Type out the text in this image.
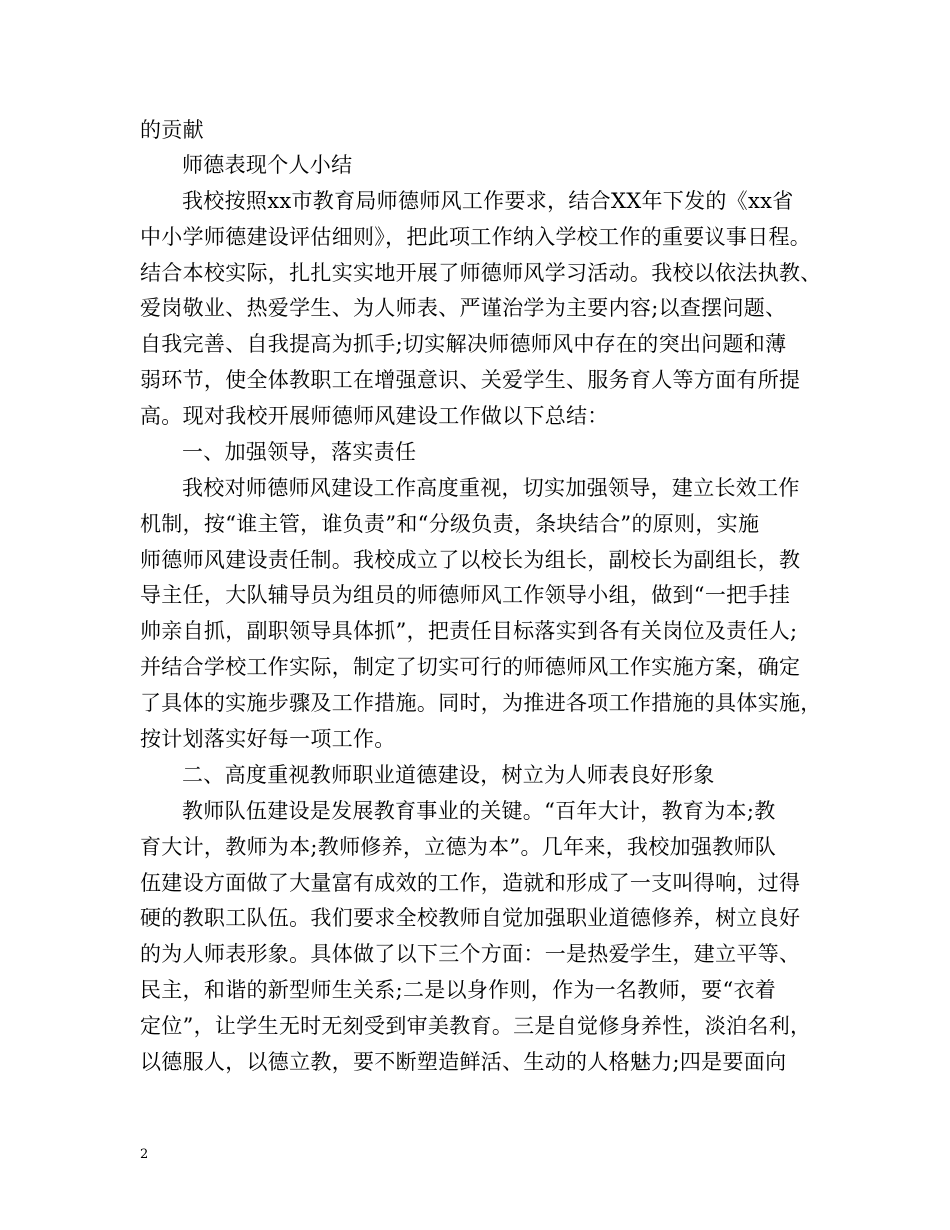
的贡献
师德表现个人小结
我校按照xx市教育局师德师风工作要求，结合XX年下发的《xx省
中小学师德建设评估细则》，把此项工作纳入学校工作的重要议事日程。
结合本校实际，扎扎实实地开展了师德师风学习活动。我校以依法执教、
爱岗敬业、热爱学生、为人师表、严谨治学为主要内容;以查摆问题、
自我完善、自我提高为抓手;切实解决师德师风中存在的突出问题和薄
弱环节，使全体教职工在增强意识、关爱学生、服务育人等方面有所提
高。现对我校开展师德师风建设工作做以下总结：
一、加强领导，落实责任
我校对师德师风建设工作高度重视，切实加强领导，建立长效工作
机制，按“谁主管，谁负责”和“分级负责，条块结合”的原则，实施
师德师风建设责任制。我校成立了以校长为组长，副校长为副组长，教
导主任，大队辅导员为组员的师德师风工作领导小组，做到“一把手挂
帅亲自抓，副职领导具体抓”，把责任目标落实到各有关岗位及责任人;
并结合学校工作实际，制定了切实可行的师德师风工作实施方案，确定
了具体的实施步骤及工作措施。同时，为推进各项工作措施的具体实施，
按计划落实好每一项工作。
二、高度重视教师职业道德建设，树立为人师表良好形象
教师队伍建设是发展教育事业的关键。“百年大计，教育为本;教
育大计，教师为本;教师修养，立德为本”。几年来，我校加强教师队
伍建设方面做了大量富有成效的工作，造就和形成了一支叫得响，过得
硬的教职工队伍。我们要求全校教师自觉加强职业道德修养，树立良好
的为人师表形象。具体做了以下三个方面：一是热爱学生，建立平等、
民主，和谐的新型师生关系;二是以身作则，作为一名教师，要“衣着
定位”，让学生无时无刻受到审美教育。三是自觉修身养性，淡泊名利，
以德服人，以德立教，要不断塑造鲜活、生动的人格魅力;四是要面向
2
